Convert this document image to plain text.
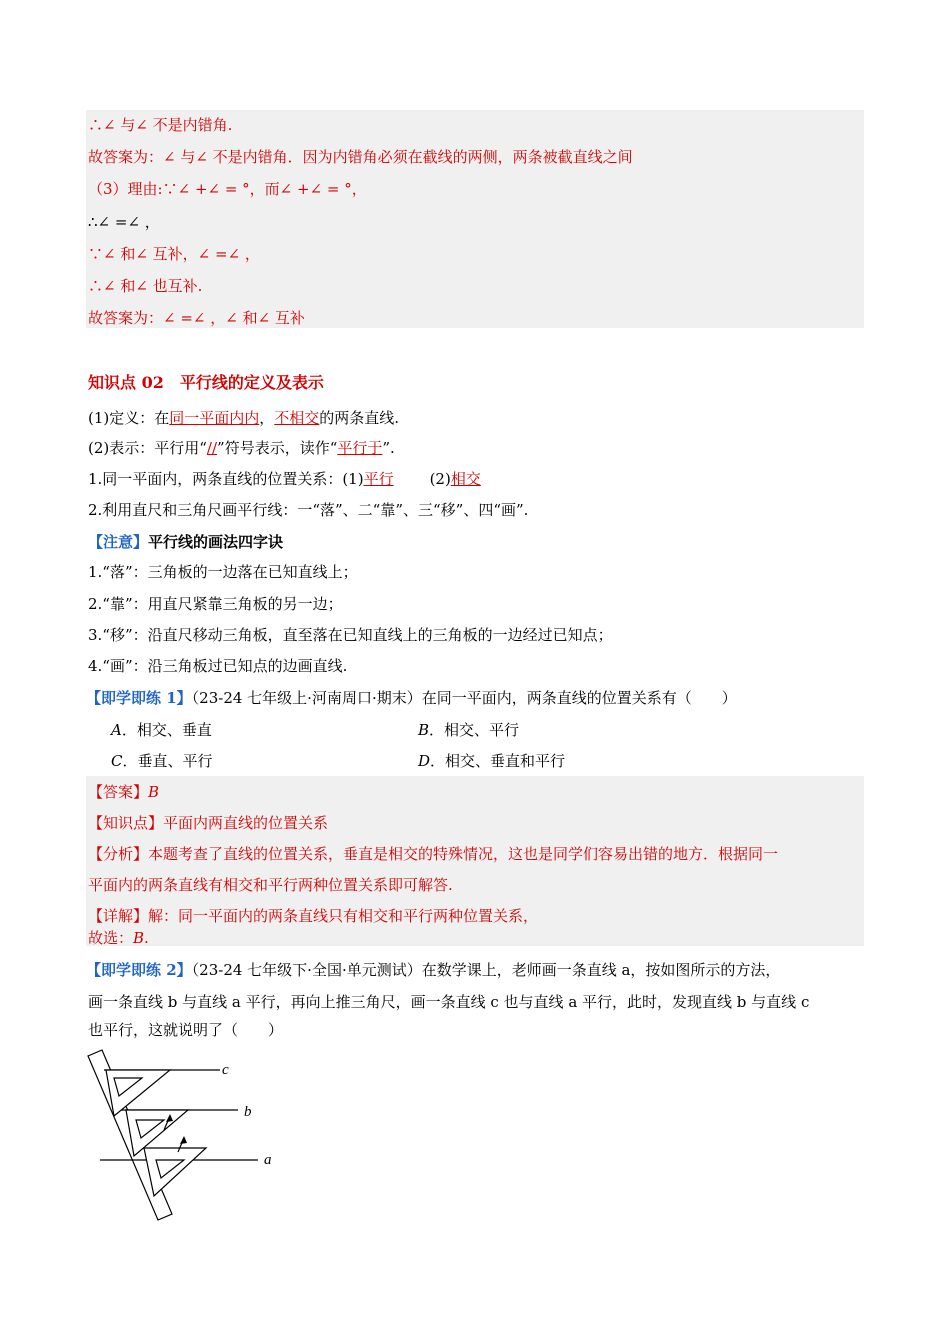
∴∠ 与∠ 不是内错角.
故答案为：∠ 与∠ 不是内错角．因为内错角必须在截线的两侧，两条被截直线之间
（3）理由:∵∠ +∠ = °，而∠ +∠ = °，
∴∠ =∠ ，
∵∠ 和∠ 互补，∠ =∠ ，
∴∠ 和∠ 也互补.
故答案为：∠ =∠ ，∠ 和∠ 互补
知识点 02　平行线的定义及表示
(1)定义：在同一平面内内，不相交的两条直线.
(2)表示：平行用“//”符号表示，读作“平行于”.
1.同一平面内，两条直线的位置关系：(1)平行 (2)相交
2.利用直尺和三角尺画平行线：一“落”、二“靠”、三“移”、四“画”.
【注意】平行线的画法四字诀
1.“落”：三角板的一边落在已知直线上；
2.“靠”：用直尺紧靠三角板的另一边；
3.“移”：沿直尺移动三角板，直至落在已知直线上的三角板的一边经过已知点；
4.“画”：沿三角板过已知点的边画直线.
【即学即练 1】（23-24 七年级上·河南周口·期末）在同一平面内，两条直线的位置关系有（　　）
A．相交、垂直	B．相交、平行
C．垂直、平行	D．相交、垂直和平行
【答案】B
【知识点】平面内两直线的位置关系
【分析】本题考查了直线的位置关系，垂直是相交的特殊情况，这也是同学们容易出错的地方．根据同一
平面内的两条直线有相交和平行两种位置关系即可解答.
【详解】解：同一平面内的两条直线只有相交和平行两种位置关系，
故选：B.
【即学即练 2】（23-24 七年级下·全国·单元测试）在数学课上，老师画一条直线 a，按如图所示的方法，
画一条直线 b 与直线 a 平行，再向上推三角尺，画一条直线 c 也与直线 a 平行，此时，发现直线 b 与直线 c
也平行，这就说明了（　　）
c
b
a
